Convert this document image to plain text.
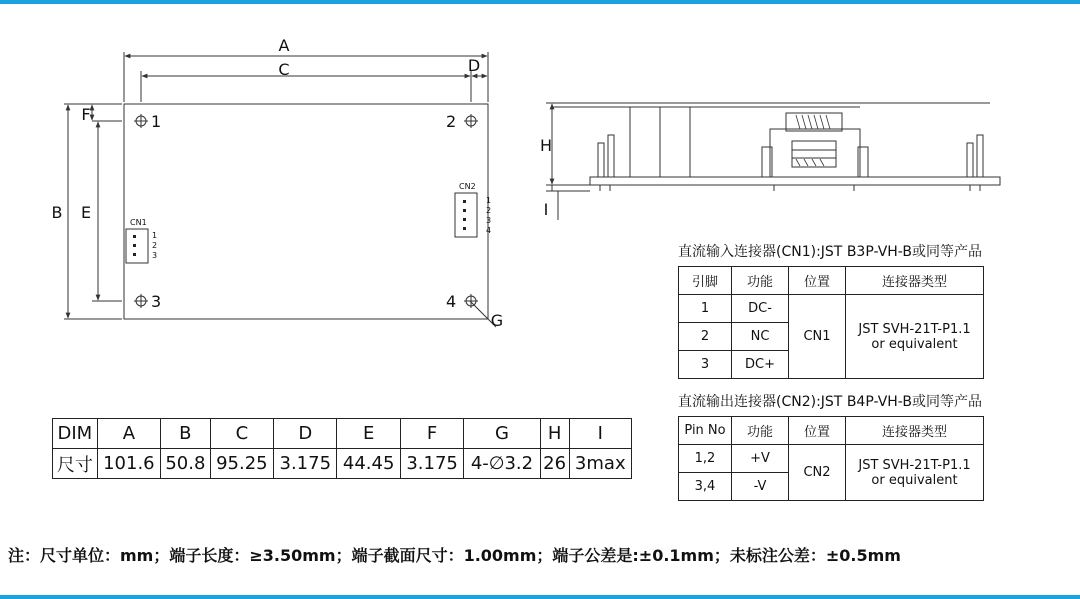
A
C	D
F
B E
G
1	2
3	4
CN1
1
2
3
CN2
1
2
3
4
H
I
DIM	A	B	C	D	E	F	G	H	I
尺寸	101.6	50.8	95.25	3.175	44.45	3.175	4-∅3.2	26	3max
直流输入连接器(CN1):JST B3P-VH-B或同等产品
引脚	功能	位置	连接器类型
1	DC-	CN1	JST SVH-21T-P1.1
or equivalent

2	NC		
3	DC+		
直流输出连接器(CN2):JST B4P-VH-B或同等产品
Pin No	功能	位置	连接器类型
1,2	+V	CN2	JST SVH-21T-P1.1
or equivalent

3,4	-V		
注：尺寸单位：mm；端子长度：≥3.50mm；端子截面尺寸：1.00mm；端子公差是:±0.1mm；未标注公差：±0.5mm
